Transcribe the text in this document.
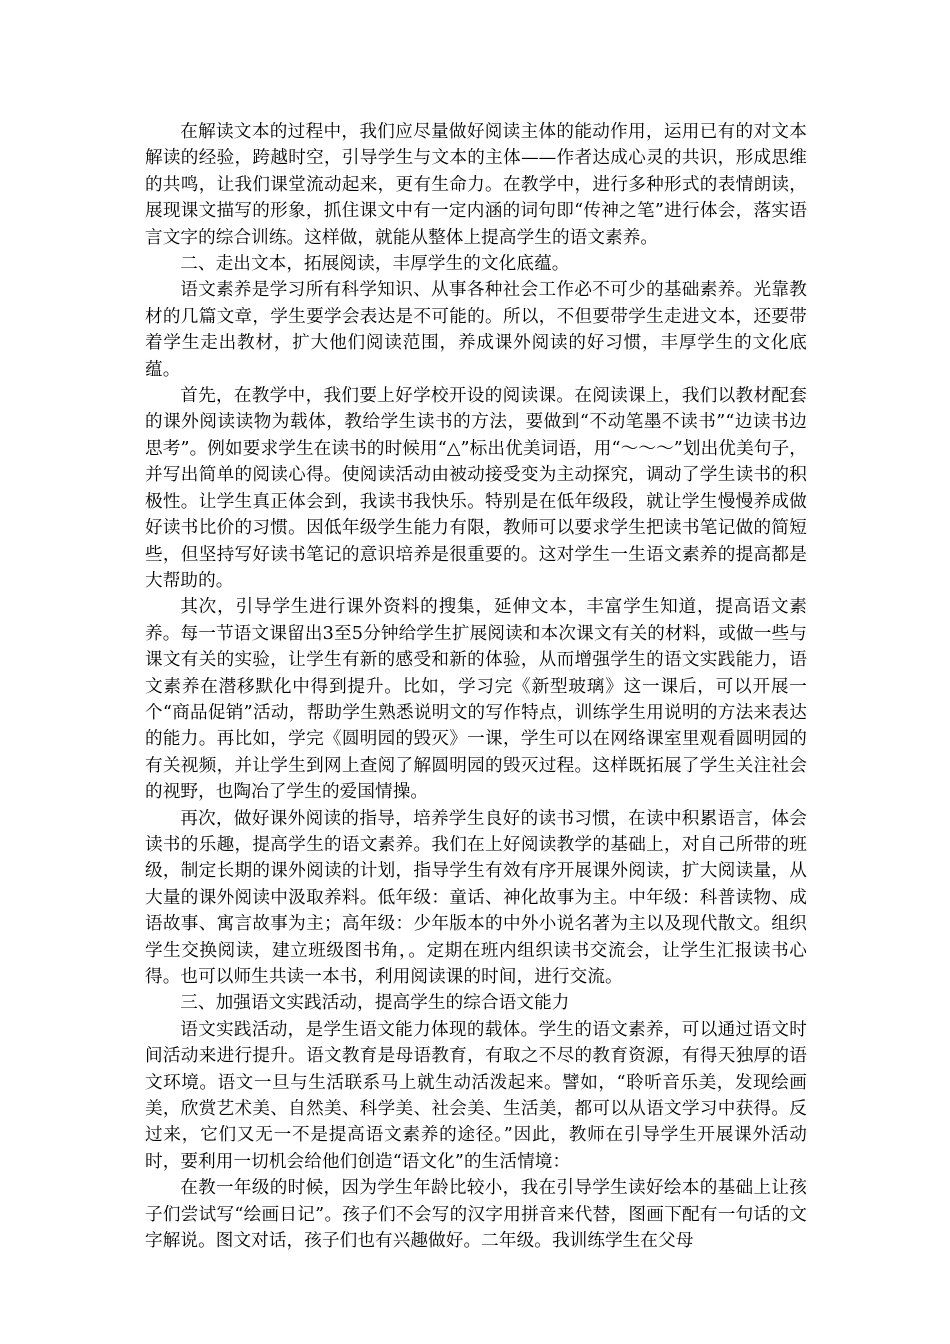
在解读文本的过程中，我们应尽量做好阅读主体的能动作用，运用已有的对文本解读的经验，跨越时空，引导学生与文本的主体——作者达成心灵的共识，形成思维的共鸣，让我们课堂流动起来，更有生命力。在教学中，进行多种形式的表情朗读，展现课文描写的形象，抓住课文中有一定内涵的词句即“传神之笔”进行体会，落实语言文字的综合训练。这样做，就能从整体上提高学生的语文素养。

二、走出文本，拓展阅读，丰厚学生的文化底蕴。

语文素养是学习所有科学知识、从事各种社会工作必不可少的基础素养。光靠教材的几篇文章，学生要学会表达是不可能的。所以，不但要带学生走进文本，还要带着学生走出教材，扩大他们阅读范围，养成课外阅读的好习惯，丰厚学生的文化底蕴。

首先，在教学中，我们要上好学校开设的阅读课。在阅读课上，我们以教材配套的课外阅读读物为载体，教给学生读书的方法，要做到“不动笔墨不读书”“边读书边思考”。例如要求学生在读书的时候用“△”标出优美词语，用“～～～”划出优美句子，并写出简单的阅读心得。使阅读活动由被动接受变为主动探究，调动了学生读书的积极性。让学生真正体会到，我读书我快乐。特别是在低年级段，就让学生慢慢养成做好读书比价的习惯。因低年级学生能力有限，教师可以要求学生把读书笔记做的简短些，但坚持写好读书笔记的意识培养是很重要的。这对学生一生语文素养的提高都是大帮助的。

其次，引导学生进行课外资料的搜集，延伸文本，丰富学生知道，提高语文素养。每一节语文课留出3至5分钟给学生扩展阅读和本次课文有关的材料，或做一些与课文有关的实验，让学生有新的感受和新的体验，从而增强学生的语文实践能力，语文素养在潜移默化中得到提升。比如，学习完《新型玻璃》这一课后，可以开展一个“商品促销”活动，帮助学生熟悉说明文的写作特点，训练学生用说明的方法来表达的能力。再比如，学完《圆明园的毁灭》一课，学生可以在网络课室里观看圆明园的有关视频，并让学生到网上查阅了解圆明园的毁灭过程。这样既拓展了学生关注社会的视野，也陶冶了学生的爱国情操。

再次，做好课外阅读的指导，培养学生良好的读书习惯，在读中积累语言，体会读书的乐趣，提高学生的语文素养。我们在上好阅读教学的基础上，对自己所带的班级，制定长期的课外阅读的计划，指导学生有效有序开展课外阅读，扩大阅读量，从大量的课外阅读中汲取养料。低年级：童话、神化故事为主。中年级：科普读物、成语故事、寓言故事为主；高年级：少年版本的中外小说名著为主以及现代散文。组织学生交换阅读，建立班级图书角，。定期在班内组织读书交流会，让学生汇报读书心得。也可以师生共读一本书，利用阅读课的时间，进行交流。

三、加强语文实践活动，提高学生的综合语文能力

语文实践活动，是学生语文能力体现的载体。学生的语文素养，可以通过语文时间活动来进行提升。语文教育是母语教育，有取之不尽的教育资源，有得天独厚的语文环境。语文一旦与生活联系马上就生动活泼起来。譬如，“聆听音乐美，发现绘画美，欣赏艺术美、自然美、科学美、社会美、生活美，都可以从语文学习中获得。反过来，它们又无一不是提高语文素养的途径。”因此，教师在引导学生开展课外活动时，要利用一切机会给他们创造“语文化”的生活情境：

在教一年级的时候，因为学生年龄比较小，我在引导学生读好绘本的基础上让孩子们尝试写“绘画日记”。孩子们不会写的汉字用拼音来代替，图画下配有一句话的文字解说。图文对话，孩子们也有兴趣做好。二年级。我训练学生在父母
